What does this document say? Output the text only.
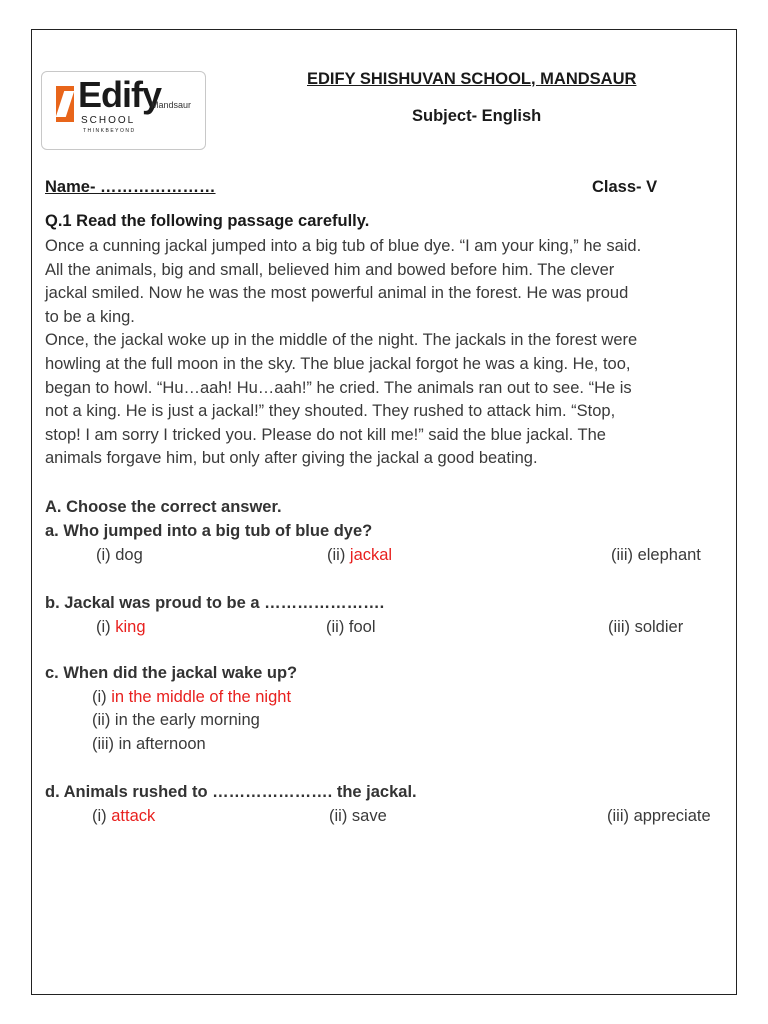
Edify
Mandsaur
SCHOOL
THINKBEYOND
EDIFY SHISHUVAN SCHOOL, MANDSAUR
Subject- English
Name- …………………	Class- V
Q.1 Read the following passage carefully.

Once a cunning jackal jumped into a big tub of blue dye. “I am your king,” he said.

All the animals, big and small, believed him and bowed before him. The clever

jackal smiled. Now he was the most powerful animal in the forest. He was proud

to be a king.

Once, the jackal woke up in the middle of the night. The jackals in the forest were

howling at the full moon in the sky. The blue jackal forgot he was a king. He, too,

began to howl. “Hu…aah! Hu…aah!” he cried. The animals ran out to see. “He is

not a king. He is just a jackal!” they shouted. They rushed to attack him. “Stop,

stop! I am sorry I tricked you. Please do not kill me!” said the blue jackal. The

animals forgave him, but only after giving the jackal a good beating.

A. Choose the correct answer.
a. Who jumped into a big tub of blue dye?
(i) dog	(ii) jackal	(iii) elephant
b. Jackal was proud to be a ………………….
(i) king	(ii) fool	(iii) soldier
c. When did the jackal wake up?
(i) in the middle of the night
(ii) in the early morning
(iii) in afternoon
d. Animals rushed to …………………. the jackal.
(i) attack	(ii) save	(iii) appreciate
